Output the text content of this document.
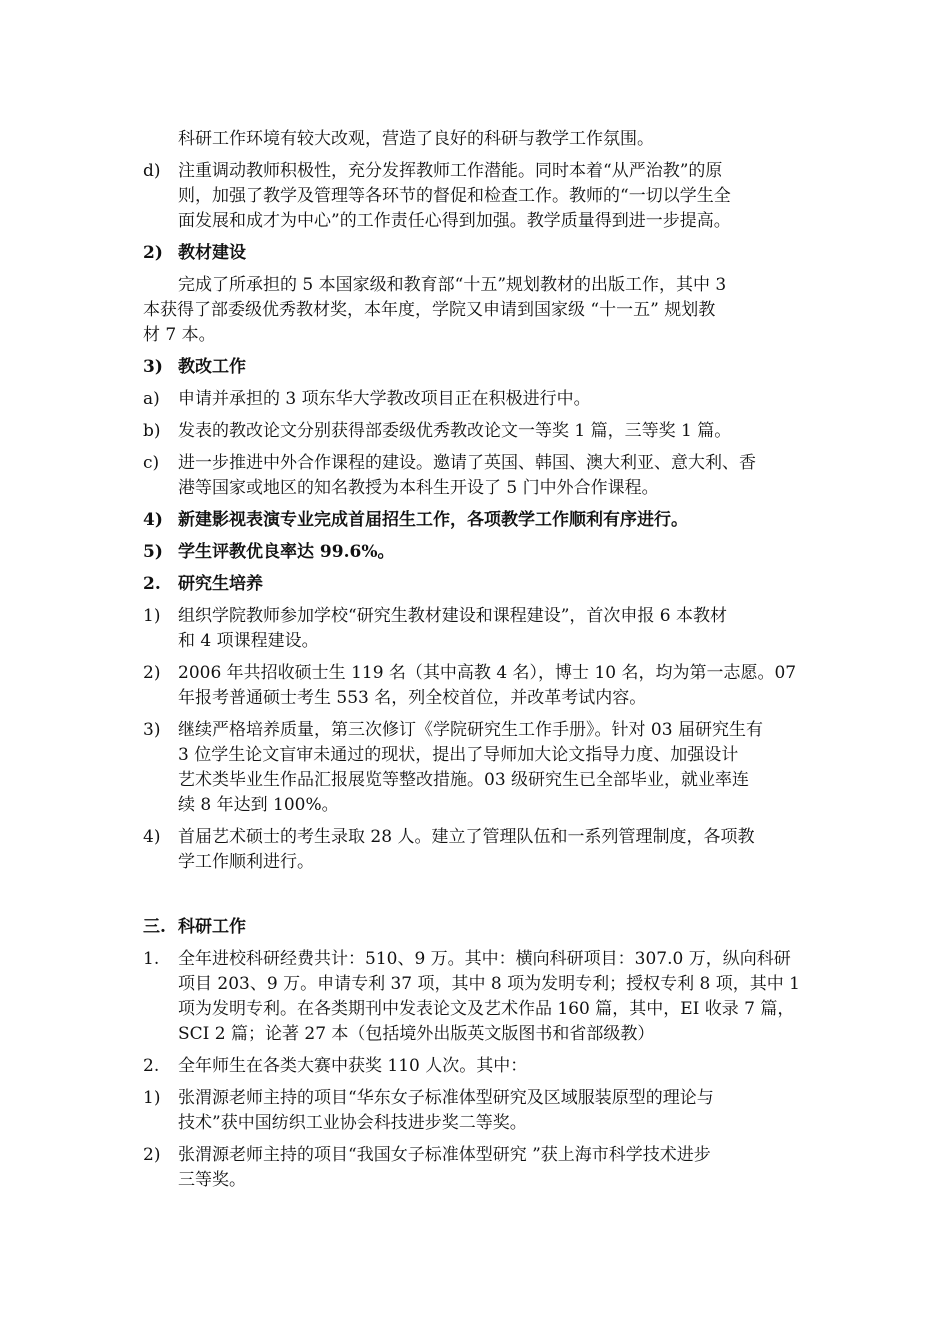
科研工作环境有较大改观，营造了良好的科研与教学工作氛围。
d) 注重调动教师积极性，充分发挥教师工作潜能。同时本着“从严治教”的原
则，加强了教学及管理等各环节的督促和检查工作。教师的“一切以学生全
面发展和成才为中心”的工作责任心得到加强。教学质量得到进一步提高。
2) 教材建设
完成了所承担的 5 本国家级和教育部“十五”规划教材的出版工作，其中 3
本获得了部委级优秀教材奖，本年度，学院又申请到国家级 “十一五” 规划教
材 7 本。
3) 教改工作
a) 申请并承担的 3 项东华大学教改项目正在积极进行中。
b) 发表的教改论文分别获得部委级优秀教改论文一等奖 1 篇，三等奖 1 篇。
c) 进一步推进中外合作课程的建设。邀请了英国、韩国、澳大利亚、意大利、香
港等国家或地区的知名教授为本科生开设了 5 门中外合作课程。
4) 新建影视表演专业完成首届招生工作，各项教学工作顺利有序进行。
5) 学生评教优良率达 99.6%。
2. 研究生培养
1) 组织学院教师参加学校“研究生教材建设和课程建设”，首次申报 6 本教材
和 4 项课程建设。
2) 2006 年共招收硕士生 119 名（其中高教 4 名），博士 10 名，均为第一志愿。07
年报考普通硕士考生 553 名，列全校首位，并改革考试内容。
3) 继续严格培养质量，第三次修订《学院研究生工作手册》。针对 03 届研究生有
3 位学生论文盲审未通过的现状，提出了导师加大论文指导力度、加强设计
艺术类毕业生作品汇报展览等整改措施。03 级研究生已全部毕业，就业率连
续 8 年达到 100%。
4) 首届艺术硕士的考生录取 28 人。建立了管理队伍和一系列管理制度，各项教
学工作顺利进行。
三. 科研工作
1. 全年进校科研经费共计：510、9 万。其中：横向科研项目：307.0 万，纵向科研
项目 203、9 万。申请专利 37 项，其中 8 项为发明专利；授权专利 8 项，其中 1
项为发明专利。在各类期刊中发表论文及艺术作品 160 篇，其中，EI 收录 7 篇，
SCI 2 篇；论著 27 本（包括境外出版英文版图书和省部级教）
2. 全年师生在各类大赛中获奖 110 人次。其中：
1) 张渭源老师主持的项目“华东女子标准体型研究及区域服装原型的理论与
技术”获中国纺织工业协会科技进步奖二等奖。
2) 张渭源老师主持的项目“我国女子标准体型研究 ”获上海市科学技术进步
三等奖。
